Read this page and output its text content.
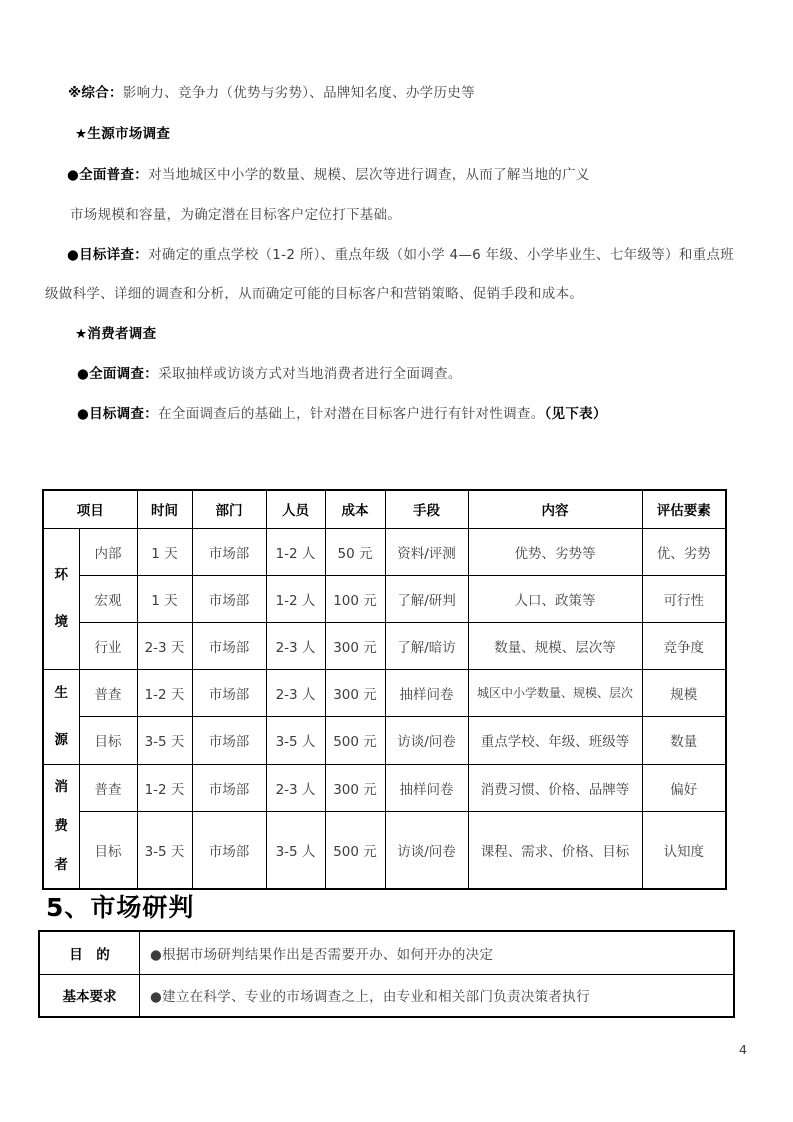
※综合：影响力、竞争力（优势与劣势）、品牌知名度、办学历史等
★生源市场调查
●全面普查：对当地城区中小学的数量、规模、层次等进行调查，从而了解当地的广义
市场规模和容量，为确定潜在目标客户定位打下基础。
●目标详查：对确定的重点学校（1-2 所）、重点年级（如小学 4—6 年级、小学毕业生、七年级等）和重点班
级做科学、详细的调查和分析，从而确定可能的目标客户和营销策略、促销手段和成本。
★消费者调查
●全面调查：采取抽样或访谈方式对当地消费者进行全面调查。
●目标调查：在全面调查后的基础上，针对潜在目标客户进行有针对性调查。（见下表）
项目		时间	部门	人员	成本	手段	内容	评估要素

环
境	内部	1 天	市场部	1-2 人	50 元	资料/评测	优势、劣势等	优、劣势
	宏观	1 天	市场部	1-2 人	100 元	了解/研判	人口、政策等	可行性
	行业	2-3 天	市场部	2-3 人	300 元	了解/暗访	数量、规模、层次等	竞争度

生
源	普查	1-2 天	市场部	2-3 人	300 元	抽样问卷	城区中小学数量、规模、层次	规模
	目标	3-5 天	市场部	3-5 人	500 元	访谈/问卷	重点学校、年级、班级等	数量

消
费
者	普查	1-2 天	市场部	2-3 人	300 元	抽样问卷	消费习惯、价格、品牌等	偏好
	目标	3-5 天	市场部	3-5 人	500 元	访谈/问卷	课程、需求、价格、目标	认知度
5、市场研判
目　的	●根据市场研判结果作出是否需要开办、如何开办的决定
基本要求	●建立在科学、专业的市场调查之上，由专业和相关部门负责决策者执行
4
